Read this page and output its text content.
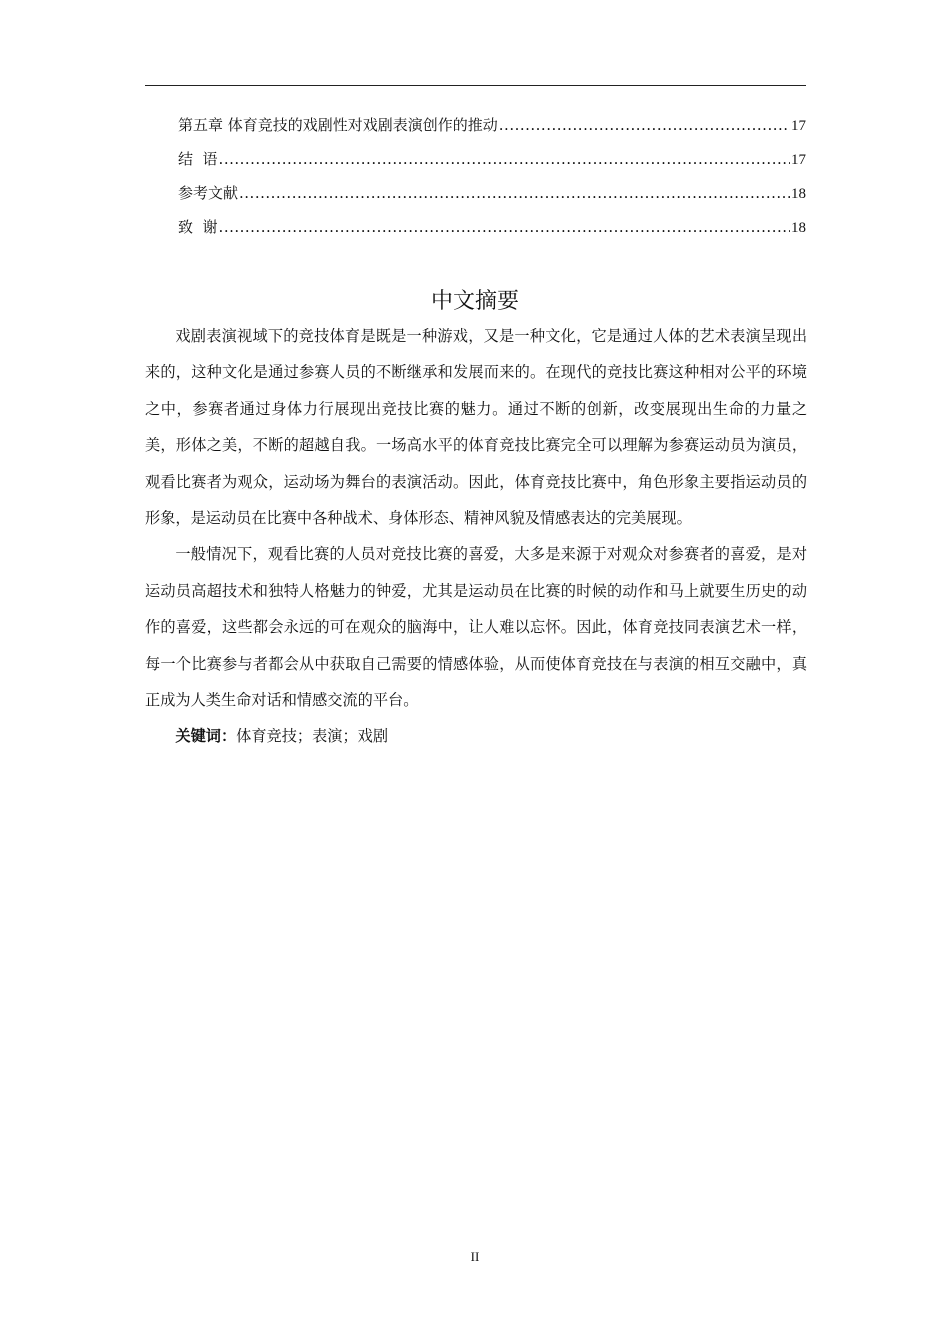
第五章 体育竞技的戏剧性对戏剧表演创作的推动 .....	17
结  语 .....	17
参考文献 .....	18
致  谢 .....	18
中文摘要

戏剧表演视域下的竞技体育是既是一种游戏，又是一种文化，它是通过人体的艺术表演呈现出来的，这种文化是通过参赛人员的不断继承和发展而来的。在现代的竞技比赛这种相对公平的环境之中，参赛者通过身体力行展现出竞技比赛的魅力。通过不断的创新，改变展现出生命的力量之美，形体之美，不断的超越自我。一场高水平的体育竞技比赛完全可以理解为参赛运动员为演员，观看比赛者为观众，运动场为舞台的表演活动。因此，体育竞技比赛中，角色形象主要指运动员的形象，是运动员在比赛中各种战术、身体形态、精神风貌及情感表达的完美展现。

一般情况下，观看比赛的人员对竞技比赛的喜爱，大多是来源于对观众对参赛者的喜爱，是对运动员高超技术和独特人格魅力的钟爱，尤其是运动员在比赛的时候的动作和马上就要生历史的动作的喜爱，这些都会永远的可在观众的脑海中，让人难以忘怀。因此，体育竞技同表演艺术一样，每一个比赛参与者都会从中获取自己需要的情感体验，从而使体育竞技在与表演的相互交融中，真正成为人类生命对话和情感交流的平台。

关键词：体育竞技；表演；戏剧

II
